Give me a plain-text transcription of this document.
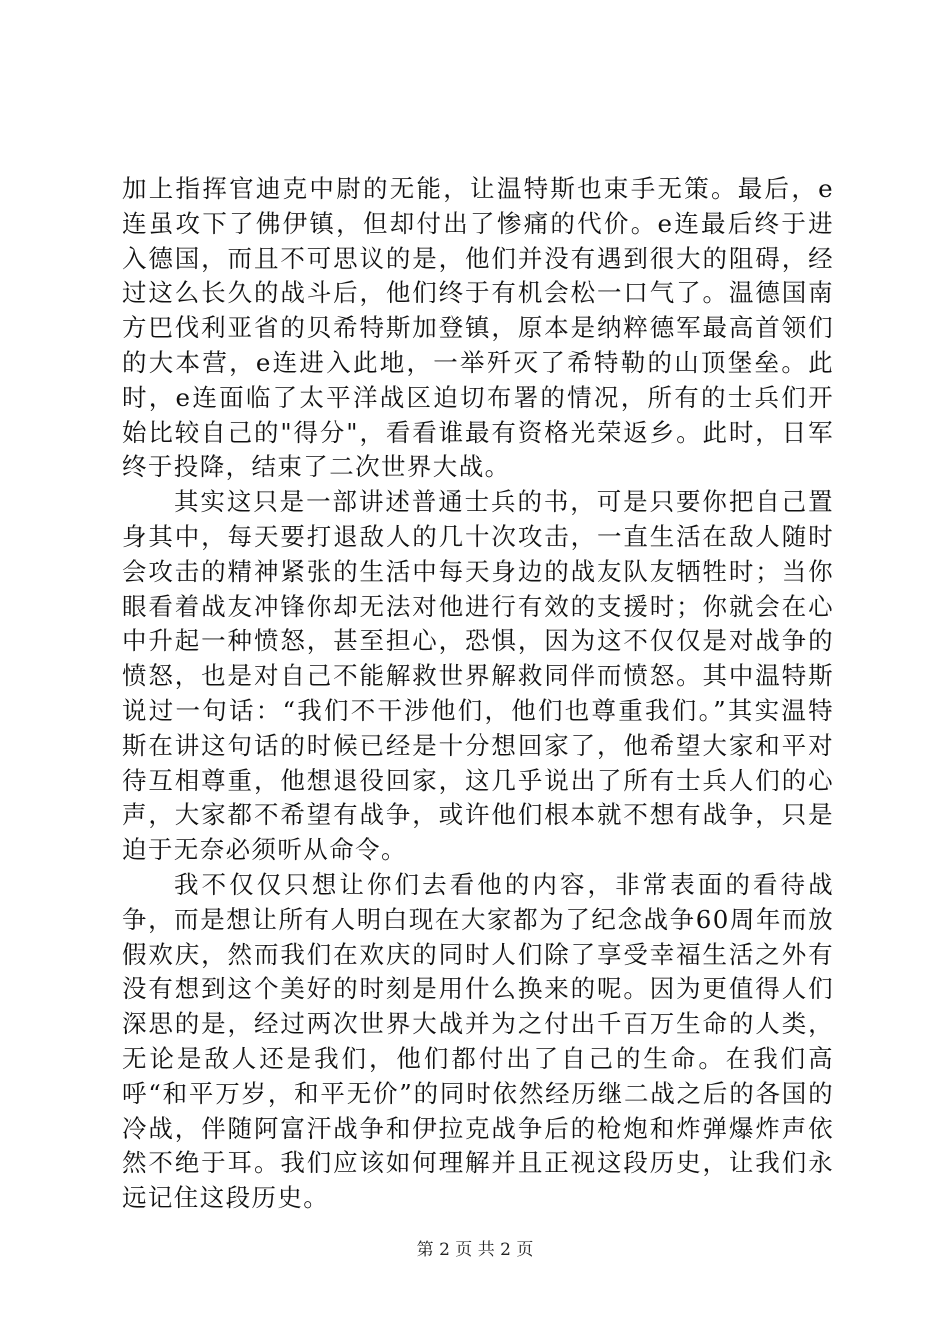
加上指挥官迪克中尉的无能，让温特斯也束手无策。最后，e连虽攻下了佛伊镇，但却付出了惨痛的代价。e连最后终于进入德国，而且不可思议的是，他们并没有遇到很大的阻碍，经过这么长久的战斗后，他们终于有机会松一口气了。温德国南方巴伐利亚省的贝希特斯加登镇，原本是纳粹德军最高首领们的大本营，e连进入此地，一举歼灭了希特勒的山顶堡垒。此时，e连面临了太平洋战区迫切布署的情况，所有的士兵们开始比较自己的"得分"，看看谁最有资格光荣返乡。此时，日军终于投降，结束了二次世界大战。

其实这只是一部讲述普通士兵的书，可是只要你把自己置身其中，每天要打退敌人的几十次攻击，一直生活在敌人随时会攻击的精神紧张的生活中每天身边的战友队友牺牲时；当你眼看着战友冲锋你却无法对他进行有效的支援时；你就会在心中升起一种愤怒，甚至担心，恐惧，因为这不仅仅是对战争的愤怒，也是对自己不能解救世界解救同伴而愤怒。其中温特斯说过一句话：“我们不干涉他们，他们也尊重我们。”其实温特斯在讲这句话的时候已经是十分想回家了，他希望大家和平对待互相尊重，他想退役回家，这几乎说出了所有士兵人们的心声，大家都不希望有战争，或许他们根本就不想有战争，只是迫于无奈必须听从命令。

我不仅仅只想让你们去看他的内容，非常表面的看待战争，而是想让所有人明白现在大家都为了纪念战争60周年而放假欢庆，然而我们在欢庆的同时人们除了享受幸福生活之外有没有想到这个美好的时刻是用什么换来的呢。因为更值得人们深思的是，经过两次世界大战并为之付出千百万生命的人类，无论是敌人还是我们，他们都付出了自己的生命。在我们高呼“和平万岁，和平无价”的同时依然经历继二战之后的各国的冷战，伴随阿富汗战争和伊拉克战争后的枪炮和炸弹爆炸声依然不绝于耳。我们应该如何理解并且正视这段历史，让我们永远记住这段历史。

第 2 页 共 2 页
